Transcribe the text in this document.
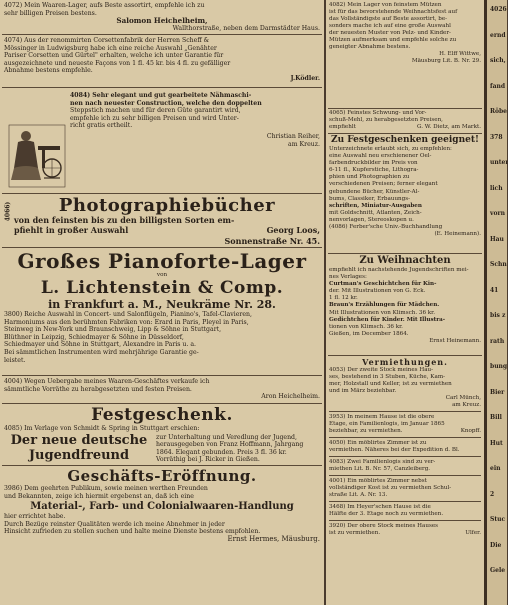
4072) Mein Waaren-Lager, aufs Beste assortirt, empfehle ich zu
sehr billigen Preisen bestens.
Salomon Heichelheim,
Wallthorstraße, neben dem Darmstädter Haus.
4074) Aus der renommirten Corsettenfabrik der Herren Scheff &
Mössinger in Ludwigsburg habe ich eine reiche Auswahl „Genähter
Pariser Corsetten und Gürtel" erhalten, welche ich unter Garantie für
ausgezeichnete und neueste Façons von 1 fl. 45 kr. bis 4 fl. zu gefälliger
Abnahme bestens empfehle.
J.Ködler.
4084) Sehr elegant und gut gearbeitete Nähmaschi-
nen nach neuester Construction, welche den doppelten
Steppstich machen und für deren Güte garantirt wird,
empfehle ich zu sehr billigen Preisen und wird Unter-
richt gratis ertheilt.
Christian Reiher,
am Kreuz.
Photographiebücher
von den feinsten bis zu den billigsten Sorten em-
pfiehlt in großer Auswahl	Georg Loos,
Sonnenstraße Nr. 45.
4066)
Großes Pianoforte-Lager
von
L. Lichtenstein & Comp.
in Frankfurt a. M., Neukräme Nr. 28.
3800) Reiche Auswahl in Concert- und Salonflügeln, Pianino's, Tafel-Clavieren,
Harmoniums aus den berühmten Fabriken von: Erard in Paris, Pleyel in Paris,
Steinweg in New-York und Braunschweig, Lipp & Söhne in Stuttgart,
Blüthner in Leipzig, Schiedmayer & Söhne in Düsseldorf,
Schiedmayer und Söhne in Stuttgart, Alexandre in Paris u. a.
Bei sämmtlichen Instrumenten wird mehrjährige Garantie ge-
leistet.
4004) Wegen Uebergabe meines Waaren-Geschäftes verkaufe ich
sämmtliche Vorräthe zu herabgesetzten und festen Preisen.
Aron Heichelheim.
Festgeschenk.
4085) Im Verlage von Schmidt & Spring in Stuttgart erschien:
Der neue deutsche
Jugendfreund
zur Unterhaltung und Veredlung der Jugend,
herausgegeben von Franz Hoffmann, Jahrgang
1864. Elegant gebunden. Preis 3 fl. 36 kr.
Vorräthig bei J. Ricker in Gießen.
Geschäfts-Eröffnung.
3986) Dem geehrten Publikum, sowie meinen werthen Freunden
und Bekannten, zeige ich hiermit ergebenst an, daß ich eine
Material-, Farb- und Colonialwaaren-Handlung
hier errichtet habe.
Durch Bezüge reinster Qualitäten werde ich meine Abnehmer in jeder
Hinsicht zufrieden zu stellen suchen und halte meine Dienste bestens empfohlen.
Ernst Hermes, Mäusburg.
4082) Mein Lager von feinstem Mützen
ist für das bevorstehende Weihnachtsfest auf
das Vollständigste auf Beste assortirt, be-
sonders mache ich auf eine große Auswahl
der neuesten Muster von Pelz- und Kinder-
Mützen aufmerksam und empfehle solche zu
geneigter Abnahme bestens.
H. Elff Wittwe,
Mäusburg Lit. B. Nr. 29.
4065) Feinstes Schwung- und Vor-
schuß-Mehl, zu herabgesetzten Preisen,
empfiehlt	G. W. Dietz, am Markt.
Zu Festgeschenken geeignet!
Unterzeichnete erlaubt sich, zu empfehlen:
eine Auswahl neu erschienener Oel-
farbendruckbilder im Preis von
6-11 fl., Kupferstiche, Lithogra-
phien und Photographien zu
verschiedenen Preisen; ferner elegant
gebundene Bücher, Künstler-Al-
bums, Classiker, Erbauungs-
schriften, Miniatur-Ausgaben
mit Goldschnitt, Atlanten, Zeich-
nenvorlagen, Stereoskopen u.
(4086) Ferber'sche Univ.-Buchhandlung
(E. Heinemann).
Zu Weihnachten
empfiehlt ich nachstehende Jugendschriften mei-
nes Verlages:
Curtman's Geschichtchen für Kin-
der. Mit Illustrationen von G. Eck.
1 fl. 12 kr.
Braun's Erzählungen für Mädchen.
Mit Illustrationen von Klimsch. 36 kr.
Gedichtchen für Kinder. Mit Illustra-
tionen von Klimsch. 36 kr.
Gießen, im December 1864.
Ernst Heinemann.
Vermiethungen.
4053) Der zweite Stock meines Hau-
ses, bestehend in 3 Stuben, Küche, Kam-
mer, Holzstall und Keller, ist zu vermiethen
und im März beziehbar.
Carl Münch,
am Kreuz.
3953) In meinem Hause ist die obere
Etage, ein Familienlogis, im Januar 1865
beziehbar, zu vermiethen.	Knopff.
4050) Ein möblirtes Zimmer ist zu
vermiethen. Näheres bei der Expedition d. Bl.
4083) Zwei Familienlogis sind zu ver-
miethen Lit. B. Nr. 57, Canzleiberg.
4001) Ein möblirtes Zimmer nebst
vollständiger Kost ist zu vermiethen Schul-
straße Lit. A. Nr. 13.
3468) Im Heyer'schen Hause ist die
Hälfte der 3. Etage noch zu vermiethen.
3920) Der obere Stock meines Hauses
ist zu vermiethen.	Ulfer.
4026
ernd
sich,
fand
Röbe
378
unter
lich
vorn
Hau
Schn
41
bis z
rath
bung
Bier
Bill
Hut
ein
2
Stuc
Die
Gele
